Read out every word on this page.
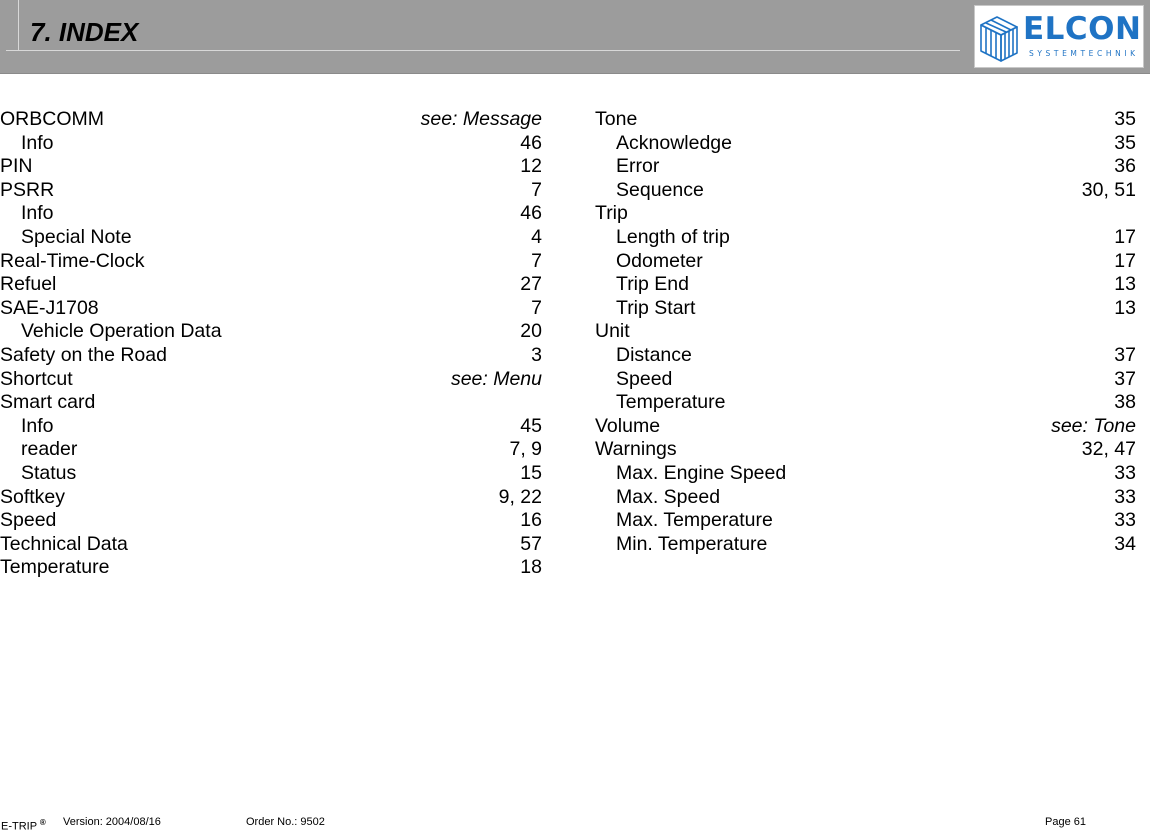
7. INDEX	ELCON
SYSTEMTECHNIK
ORBCOMM	see: Message
Info	46
PIN	12
PSRR	7
Info	46
Special Note	4
Real-Time-Clock	7
Refuel	27
SAE-J1708	7
Vehicle Operation Data	20
Safety on the Road	3
Shortcut	see: Menu
Smart card
Info	45
reader	7, 9
Status	15
Softkey	9, 22
Speed	16
Technical Data	57
Temperature	18
Tone	35
Acknowledge	35
Error	36
Sequence	30, 51
Trip
Length of trip	17
Odometer	17
Trip End	13
Trip Start	13
Unit
Distance	37
Speed	37
Temperature	38
Volume	see: Tone
Warnings	32, 47
Max. Engine Speed	33
Max. Speed	33
Max. Temperature	33
Min. Temperature	34
E-TRIP ® Version: 2004/08/16	Order No.: 9502	Page 61
